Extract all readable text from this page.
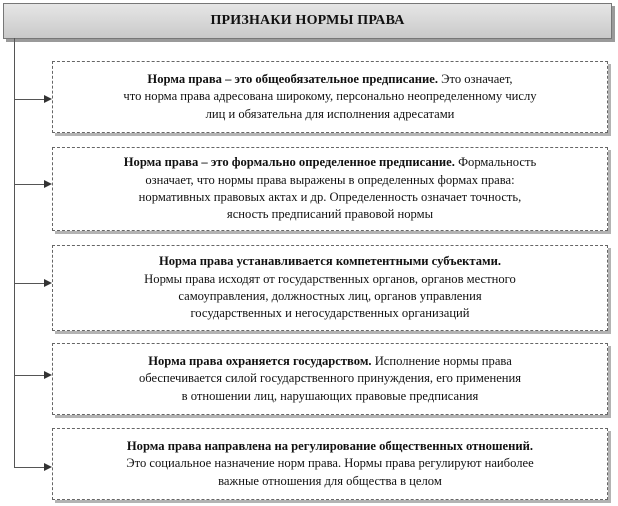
ПРИЗНАКИ НОРМЫ ПРАВА
Норма права – это общеобязательное предписание. Это означает,
что норма права адресована широкому, персонально неопределенному числу
лиц и обязательна для исполнения адресатами
Норма права – это формально определенное предписание. Формальность
означает, что нормы права выражены в определенных формах права:
нормативных правовых актах и др. Определенность означает точность,
ясность предписаний правовой нормы
Норма права устанавливается компетентными субъектами.
Нормы права исходят от государственных органов, органов местного
самоуправления, должностных лиц, органов управления
государственных и негосударственных организаций
Норма права охраняется государством. Исполнение нормы права
обеспечивается силой государственного принуждения, его применения
в отношении лиц, нарушающих правовые предписания
Норма права направлена на регулирование общественных отношений.
Это социальное назначение норм права. Нормы права регулируют наиболее
важные отношения для общества в целом
